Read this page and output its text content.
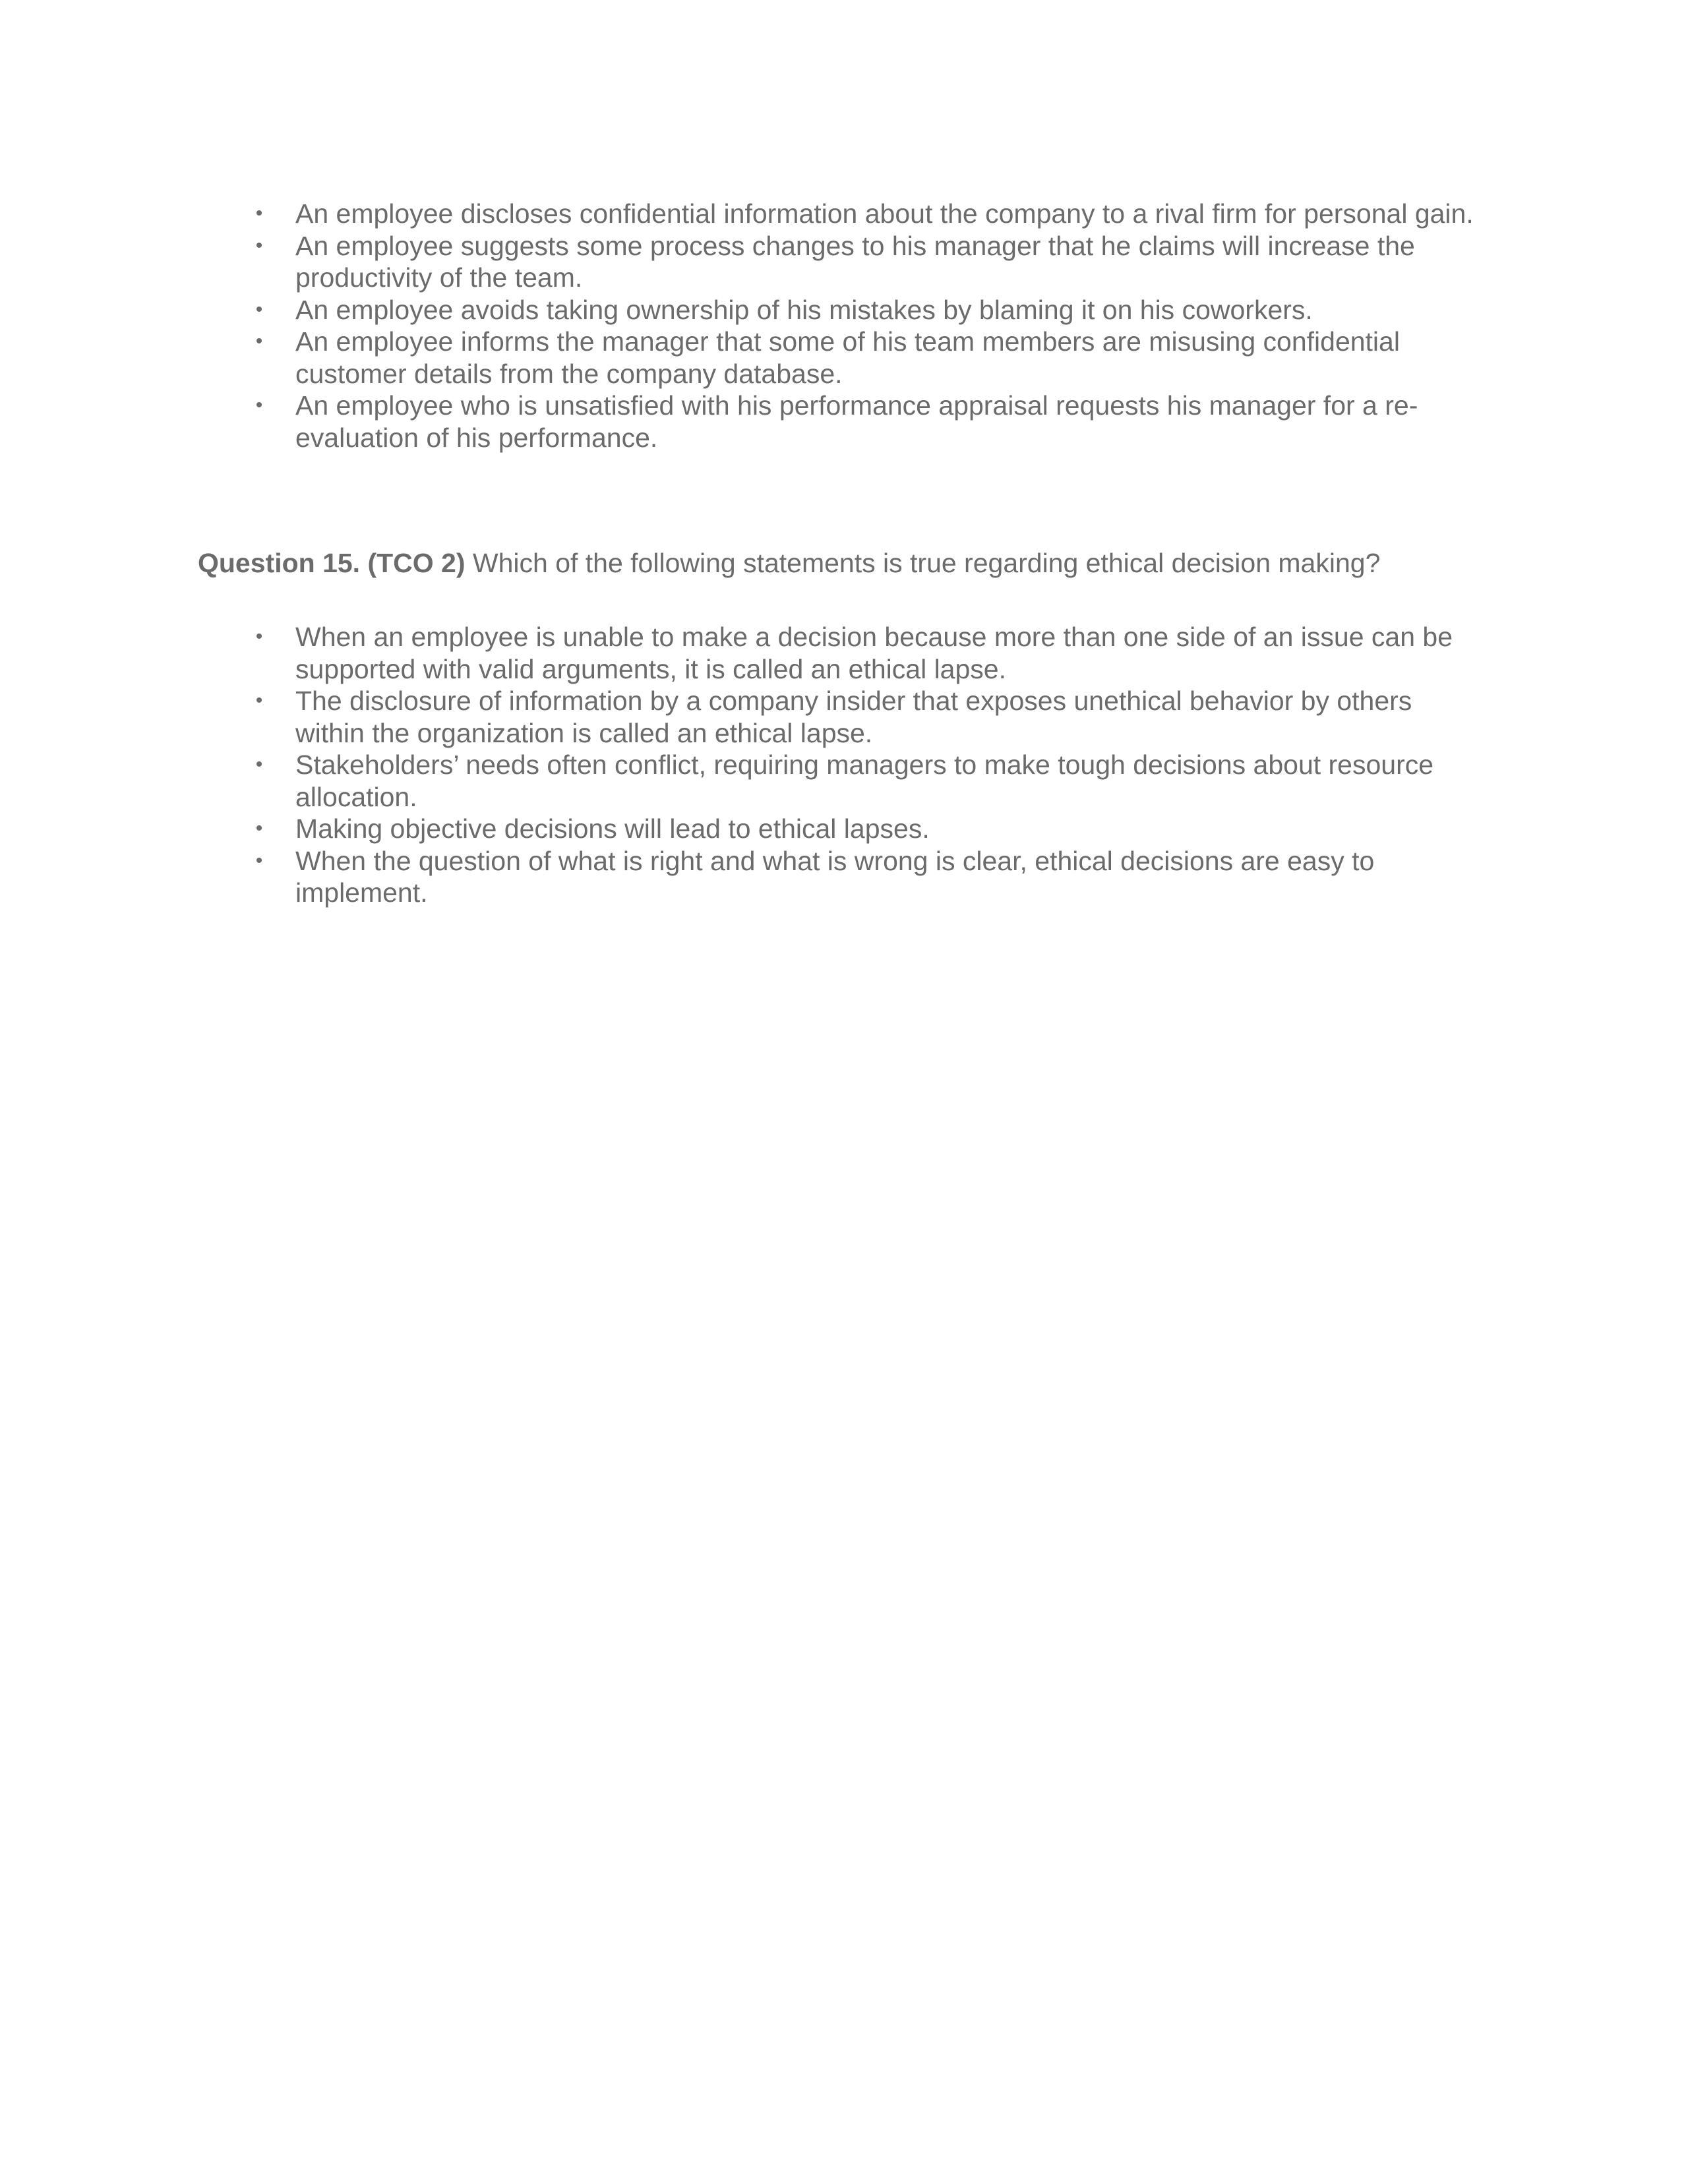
• An employee discloses confidential information about the company to a rival firm for personal gain.
• An employee suggests some process changes to his manager that he claims will increase the productivity of the team.
• An employee avoids taking ownership of his mistakes by blaming it on his coworkers.
• An employee informs the manager that some of his team members are misusing confidential customer details from the company database.
• An employee who is unsatisfied with his performance appraisal requests his manager for a re-evaluation of his performance.

Question 15. (TCO 2) Which of the following statements is true regarding ethical decision making?

• When an employee is unable to make a decision because more than one side of an issue can be supported with valid arguments, it is called an ethical lapse.
• The disclosure of information by a company insider that exposes unethical behavior by others within the organization is called an ethical lapse.
• Stakeholders’ needs often conflict, requiring managers to make tough decisions about resource allocation.
• Making objective decisions will lead to ethical lapses.
• When the question of what is right and what is wrong is clear, ethical decisions are easy to implement.
